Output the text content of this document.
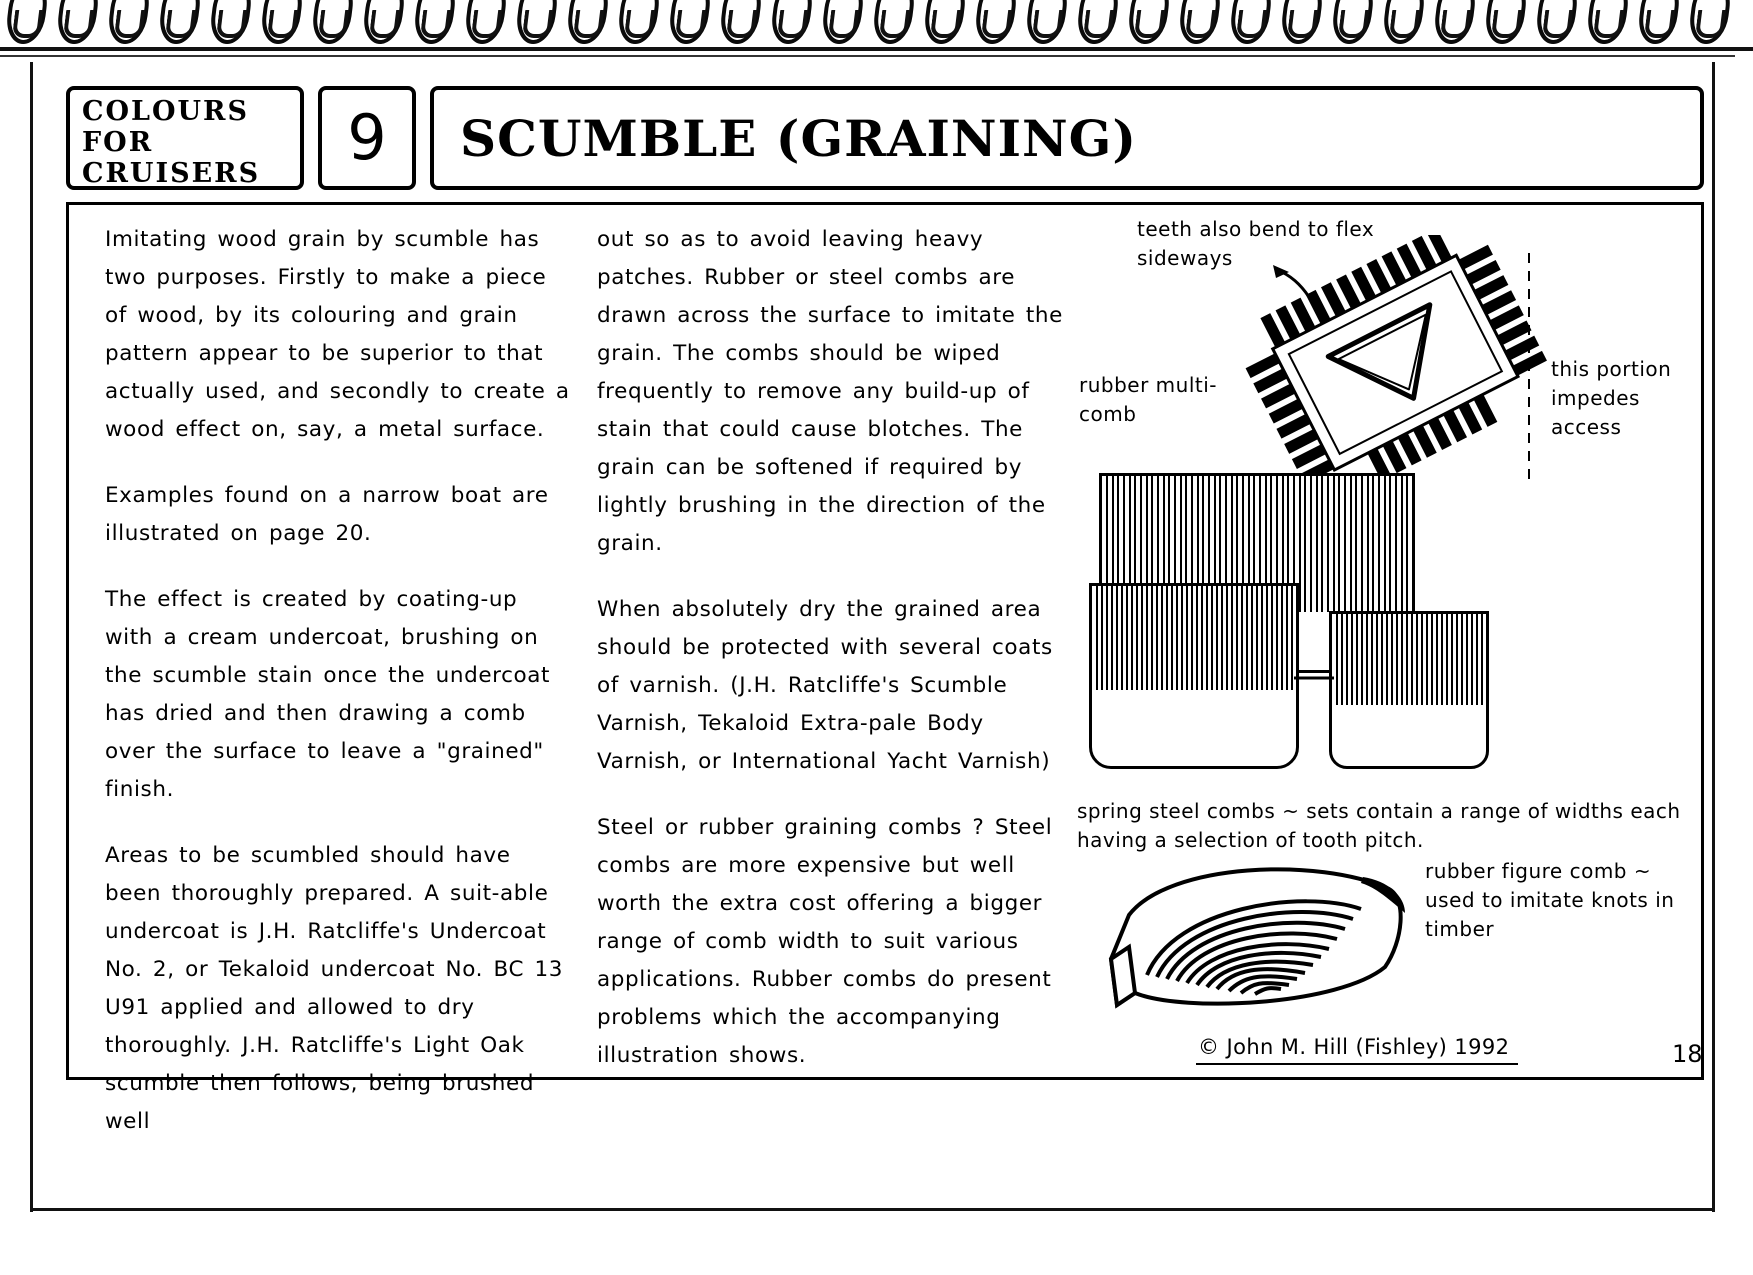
COLOURS
FOR
CRUISERS	9 SCUMBLE (GRAINING)

Imitating wood grain by scumble has two purposes. Firstly to make a piece of wood, by its colouring and grain pattern appear to be superior to that actually used, and secondly to create a wood effect on, say, a metal surface.

Examples found on a narrow boat are illustrated on page 20.

The effect is created by coating-up with a cream undercoat, brushing on the scumble stain once the undercoat has dried and then drawing a comb over the surface to leave a "grained" finish.

Areas to be scumbled should have been thoroughly prepared. A suit-able undercoat is J.H. Ratcliffe's Undercoat No. 2, or Tekaloid undercoat No. BC 13 U91 applied and allowed to dry thoroughly. J.H. Ratcliffe's Light Oak scumble then follows, being brushed well

out so as to avoid leaving heavy patches. Rubber or steel combs are drawn across the surface to imitate the grain. The combs should be wiped frequently to remove any build-up of stain that could cause blotches. The grain can be softened if required by lightly brushing in the direction of the grain.

When absolutely dry the grained area should be protected with several coats of varnish. (J.H. Ratcliffe's Scumble Varnish, Tekaloid Extra-pale Body Varnish, or International Yacht Varnish)

Steel or rubber graining combs ? Steel combs are more expensive but well worth the extra cost offering a bigger range of comb width to suit various applications. Rubber combs do present problems which the accompanying illustration shows.

teeth also bend to flex sideways
rubber multi-comb
this portion impedes access
spring steel combs ~ sets contain a range of widths each having a selection of tooth pitch.
rubber figure comb ~ used to imitate knots in timber
© John M. Hill (Fishley) 1992	18
